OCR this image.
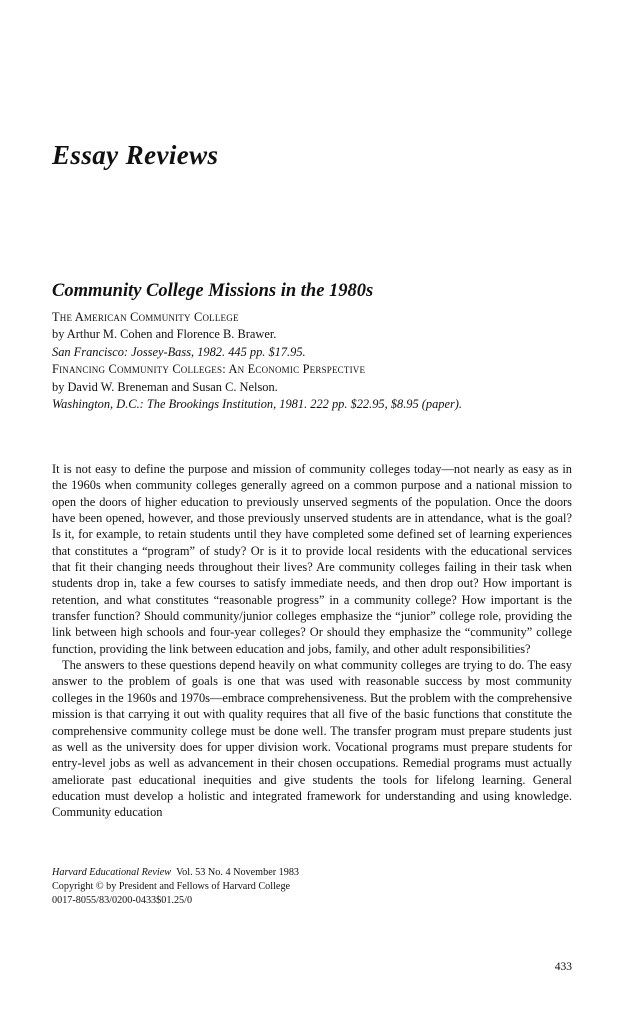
Essay Reviews
Community College Missions in the 1980s
The American Community College
by Arthur M. Cohen and Florence B. Brawer.
San Francisco: Jossey-Bass, 1982. 445 pp. $17.95.
Financing Community Colleges: An Economic Perspective
by David W. Breneman and Susan C. Nelson.
Washington, D.C.: The Brookings Institution, 1981. 222 pp. $22.95, $8.95 (paper).

It is not easy to define the purpose and mission of community colleges today—not nearly as easy as in the 1960s when community colleges generally agreed on a common purpose and a national mission to open the doors of higher education to previously unserved segments of the population. Once the doors have been opened, however, and those previously unserved students are in attendance, what is the goal? Is it, for example, to retain students until they have completed some defined set of learning experiences that constitutes a “program” of study? Or is it to provide local residents with the educational services that fit their changing needs throughout their lives? Are community colleges failing in their task when students drop in, take a few courses to satisfy immediate needs, and then drop out? How important is retention, and what constitutes “reasonable progress” in a community college? How important is the transfer function? Should community/junior colleges emphasize the “junior” college role, providing the link between high schools and four-year colleges? Or should they emphasize the “community” college function, providing the link between education and jobs, family, and other adult responsibilities?

The answers to these questions depend heavily on what community colleges are trying to do. The easy answer to the problem of goals is one that was used with reasonable success by most community colleges in the 1960s and 1970s—embrace comprehensiveness. But the problem with the comprehensive mission is that carrying it out with quality requires that all five of the basic functions that constitute the comprehensive community college must be done well. The transfer program must prepare students just as well as the university does for upper division work. Vocational programs must prepare students for entry-level jobs as well as advancement in their chosen occupations. Remedial programs must actually ameliorate past educational inequities and give students the tools for lifelong learning. General education must develop a holistic and integrated framework for understanding and using knowledge. Community education

Harvard Educational Review Vol. 53 No. 4 November 1983
Copyright © by President and Fellows of Harvard College
0017-8055/83/0200-0433$01.25/0
433
